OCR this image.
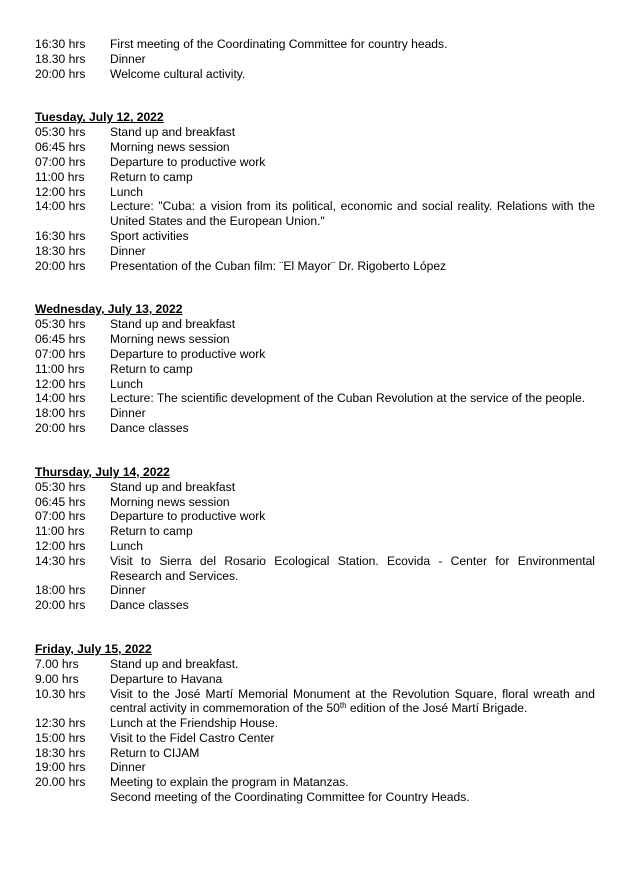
16:30 hrs	First meeting of the Coordinating Committee for country heads.
18.30 hrs	Dinner
20:00 hrs	Welcome cultural activity.
Tuesday, July 12, 2022
05:30 hrs	Stand up and breakfast
06:45 hrs	Morning news session
07:00 hrs	Departure to productive work
11:00 hrs	Return to camp
12:00 hrs	Lunch
14:00 hrs	Lecture: "Cuba: a vision from its political, economic and social reality. Relations with the United States and the European Union."
16:30 hrs	Sport activities
18:30 hrs	Dinner
20:00 hrs	Presentation of the Cuban film: ¨El Mayor¨ Dr. Rigoberto López
Wednesday, July 13, 2022
05:30 hrs	Stand up and breakfast
06:45 hrs	Morning news session
07:00 hrs	Departure to productive work
11:00 hrs	Return to camp
12:00 hrs	Lunch
14:00 hrs	Lecture: The scientific development of the Cuban Revolution at the service of the people.
18:00 hrs	Dinner
20:00 hrs	Dance classes
Thursday, July 14, 2022
05:30 hrs	Stand up and breakfast
06:45 hrs	Morning news session
07:00 hrs	Departure to productive work
11:00 hrs	Return to camp
12:00 hrs	Lunch
14:30 hrs	Visit to Sierra del Rosario Ecological Station. Ecovida - Center for Environmental Research and Services.
18:00 hrs	Dinner
20:00 hrs	Dance classes
Friday, July 15, 2022
7.00 hrs	Stand up and breakfast.
9.00 hrs	Departure to Havana
10.30 hrs	Visit to the José Martí Memorial Monument at the Revolution Square, floral wreath and central activity in commemoration of the 50th edition of the José Martí Brigade.
12:30 hrs	Lunch at the Friendship House.
15:00 hrs	Visit to the Fidel Castro Center
18:30 hrs	Return to CIJAM
19:00 hrs	Dinner
20.00 hrs	Meeting to explain the program in Matanzas.
Second meeting of the Coordinating Committee for Country Heads.
